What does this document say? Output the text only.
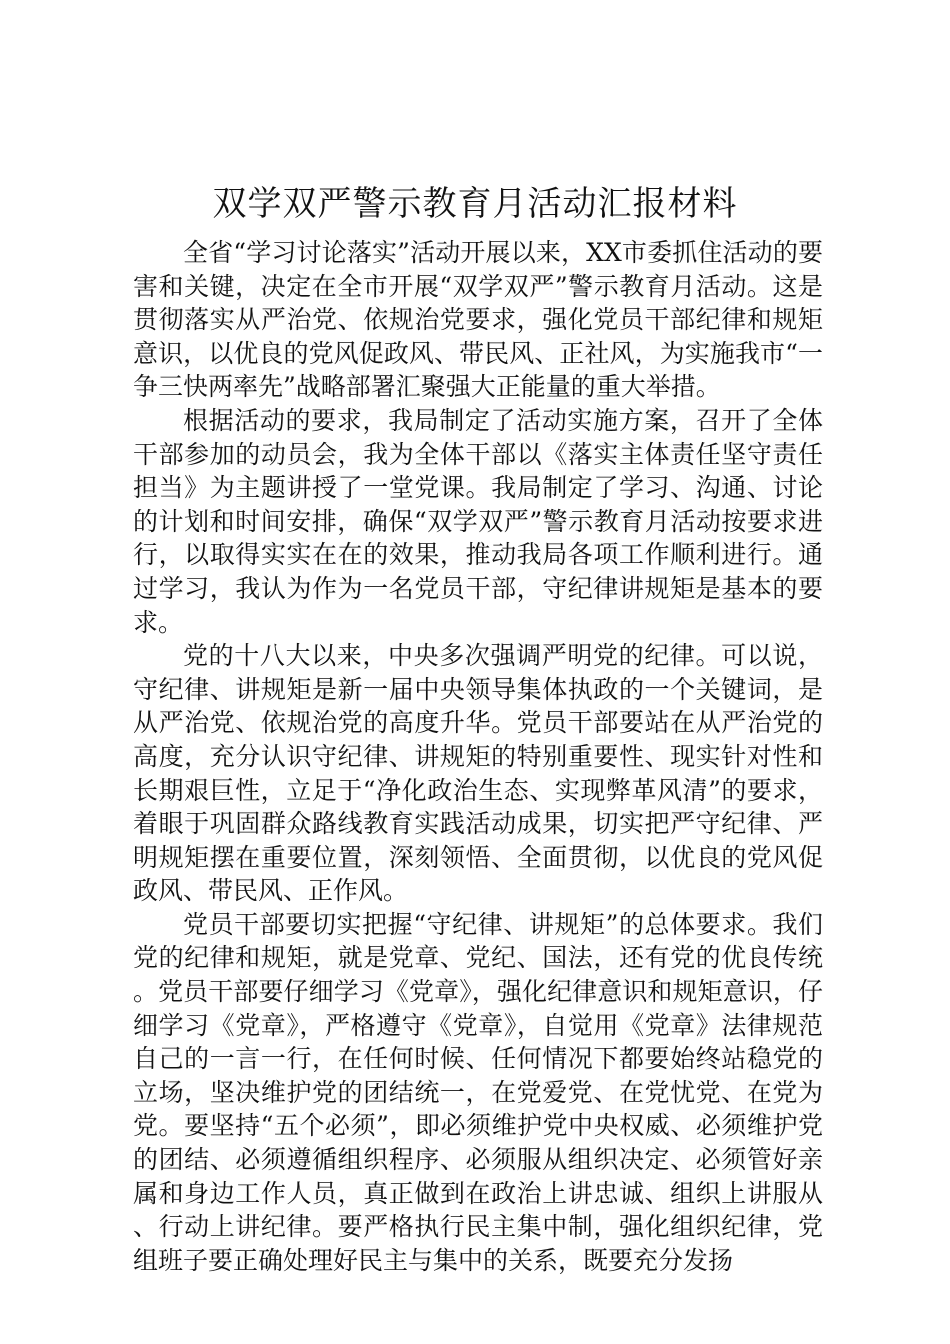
双学双严警示教育月活动汇报材料

全省“学习讨论落实”活动开展以来，XX市委抓住活动的要害和关键，决定在全市开展“双学双严”警示教育月活动。这是贯彻落实从严治党、依规治党要求，强化党员干部纪律和规矩意识，以优良的党风促政风、带民风、正社风，为实施我市“一争三快两率先”战略部署汇聚强大正能量的重大举措。

根据活动的要求，我局制定了活动实施方案，召开了全体干部参加的动员会，我为全体干部以《落实主体责任坚守责任担当》为主题讲授了一堂党课。我局制定了学习、沟通、讨论的计划和时间安排，确保“双学双严”警示教育月活动按要求进行，以取得实实在在的效果，推动我局各项工作顺利进行。通过学习，我认为作为一名党员干部，守纪律讲规矩是基本的要求。

党的十八大以来，中央多次强调严明党的纪律。可以说，守纪律、讲规矩是新一届中央领导集体执政的一个关键词，是从严治党、依规治党的高度升华。党员干部要站在从严治党的高度，充分认识守纪律、讲规矩的特别重要性、现实针对性和长期艰巨性，立足于“净化政治生态、实现弊革风清”的要求，着眼于巩固群众路线教育实践活动成果，切实把严守纪律、严明规矩摆在重要位置，深刻领悟、全面贯彻，以优良的党风促政风、带民风、正作风。

党员干部要切实把握“守纪律、讲规矩”的总体要求。我们党的纪律和规矩，就是党章、党纪、国法，还有党的优良传统。党员干部要仔细学习《党章》，强化纪律意识和规矩意识，仔细学习《党章》，严格遵守《党章》，自觉用《党章》法律规范自己的一言一行，在任何时候、任何情况下都要始终站稳党的立场，坚决维护党的团结统一，在党爱党、在党忧党、在党为党。要坚持“五个必须”，即必须维护党中央权威、必须维护党的团结、必须遵循组织程序、必须服从组织决定、必须管好亲属和身边工作人员，真正做到在政治上讲忠诚、组织上讲服从、行动上讲纪律。要严格执行民主集中制，强化组织纪律，党组班子要正确处理好民主与集中的关系，既要充分发扬
